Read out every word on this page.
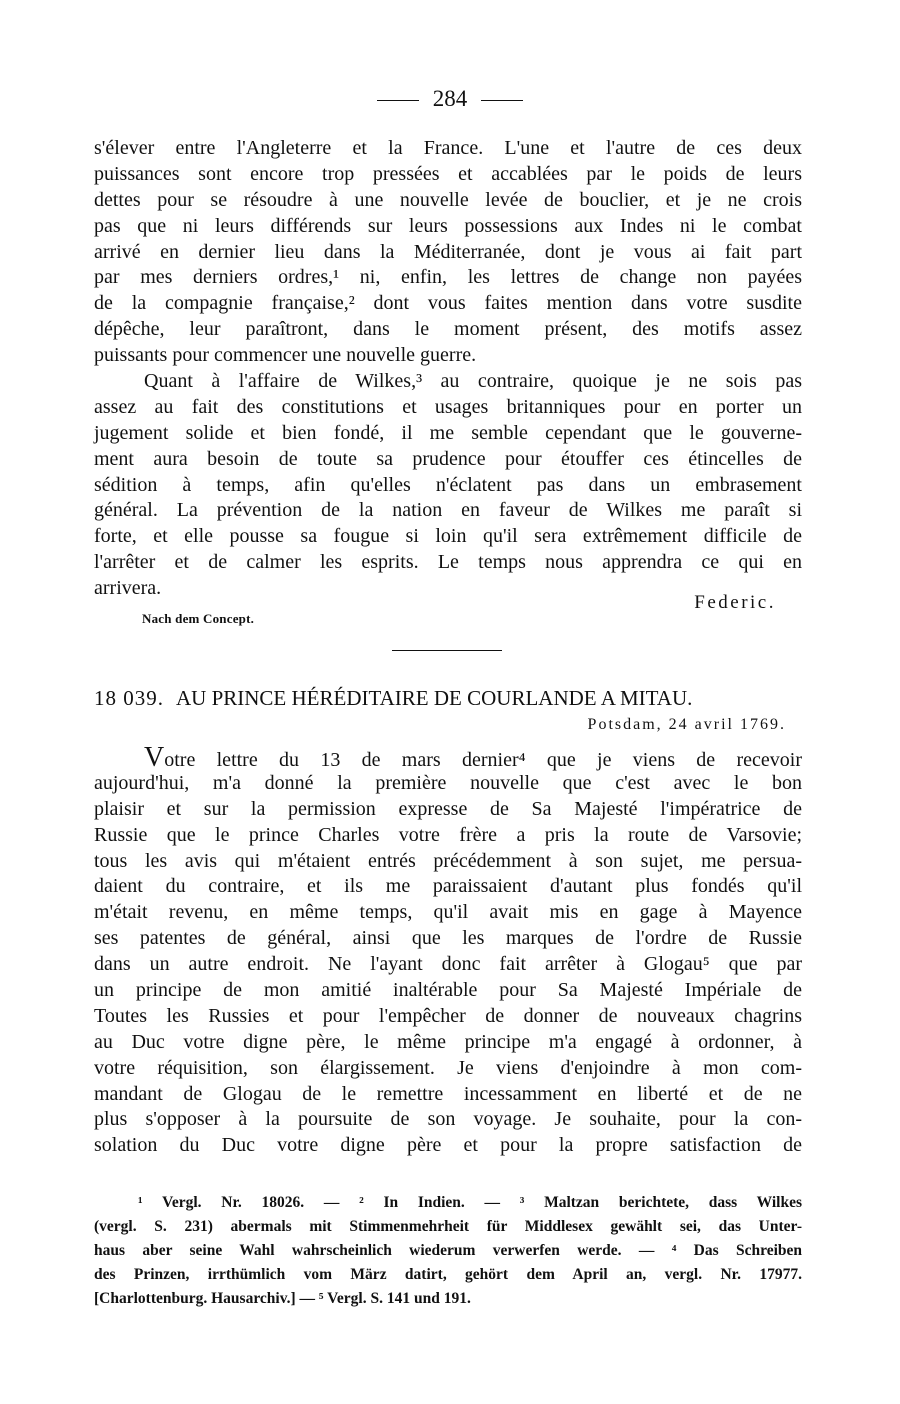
284
s'élever entre l'Angleterre et la France. L'une et l'autre de ces deux
puissances sont encore trop pressées et accablées par le poids de leurs
dettes pour se résoudre à une nouvelle levée de bouclier, et je ne crois
pas que ni leurs différends sur leurs possessions aux Indes ni le combat
arrivé en dernier lieu dans la Méditerranée, dont je vous ai fait part
par mes derniers ordres,¹ ni, enfin, les lettres de change non payées
de la compagnie française,² dont vous faites mention dans votre susdite
dépêche, leur paraîtront, dans le moment présent, des motifs assez
puissants pour commencer une nouvelle guerre.
Quant à l'affaire de Wilkes,³ au contraire, quoique je ne sois pas
assez au fait des constitutions et usages britanniques pour en porter un
jugement solide et bien fondé, il me semble cependant que le gouverne-
ment aura besoin de toute sa prudence pour étouffer ces étincelles de
sédition à temps, afin qu'elles n'éclatent pas dans un embrasement
général. La prévention de la nation en faveur de Wilkes me paraît si
forte, et elle pousse sa fougue si loin qu'il sera extrêmement difficile de
l'arrêter et de calmer les esprits. Le temps nous apprendra ce qui en
arrivera.
Federic.
Nach dem Concept.
18 039. AU PRINCE HÉRÉDITAIRE DE COURLANDE A MITAU.
Potsdam, 24 avril 1769.
Votre lettre du 13 de mars dernier⁴ que je viens de recevoir
aujourd'hui, m'a donné la première nouvelle que c'est avec le bon
plaisir et sur la permission expresse de Sa Majesté l'impératrice de
Russie que le prince Charles votre frère a pris la route de Varsovie;
tous les avis qui m'étaient entrés précédemment à son sujet, me persua-
daient du contraire, et ils me paraissaient d'autant plus fondés qu'il
m'était revenu, en même temps, qu'il avait mis en gage à Mayence
ses patentes de général, ainsi que les marques de l'ordre de Russie
dans un autre endroit. Ne l'ayant donc fait arrêter à Glogau⁵ que par
un principe de mon amitié inaltérable pour Sa Majesté Impériale de
Toutes les Russies et pour l'empêcher de donner de nouveaux chagrins
au Duc votre digne père, le même principe m'a engagé à ordonner, à
votre réquisition, son élargissement. Je viens d'enjoindre à mon com-
mandant de Glogau de le remettre incessamment en liberté et de ne
plus s'opposer à la poursuite de son voyage. Je souhaite, pour la con-
solation du Duc votre digne père et pour la propre satisfaction de
¹ Vergl. Nr. 18026. — ² In Indien. — ³ Maltzan berichtete, dass Wilkes
(vergl. S. 231) abermals mit Stimmenmehrheit für Middlesex gewählt sei, das Unter-
haus aber seine Wahl wahrscheinlich wiederum verwerfen werde. — ⁴ Das Schreiben
des Prinzen, irrthümlich vom März datirt, gehört dem April an, vergl. Nr. 17977.
[Charlottenburg. Hausarchiv.] — ⁵ Vergl. S. 141 und 191.
